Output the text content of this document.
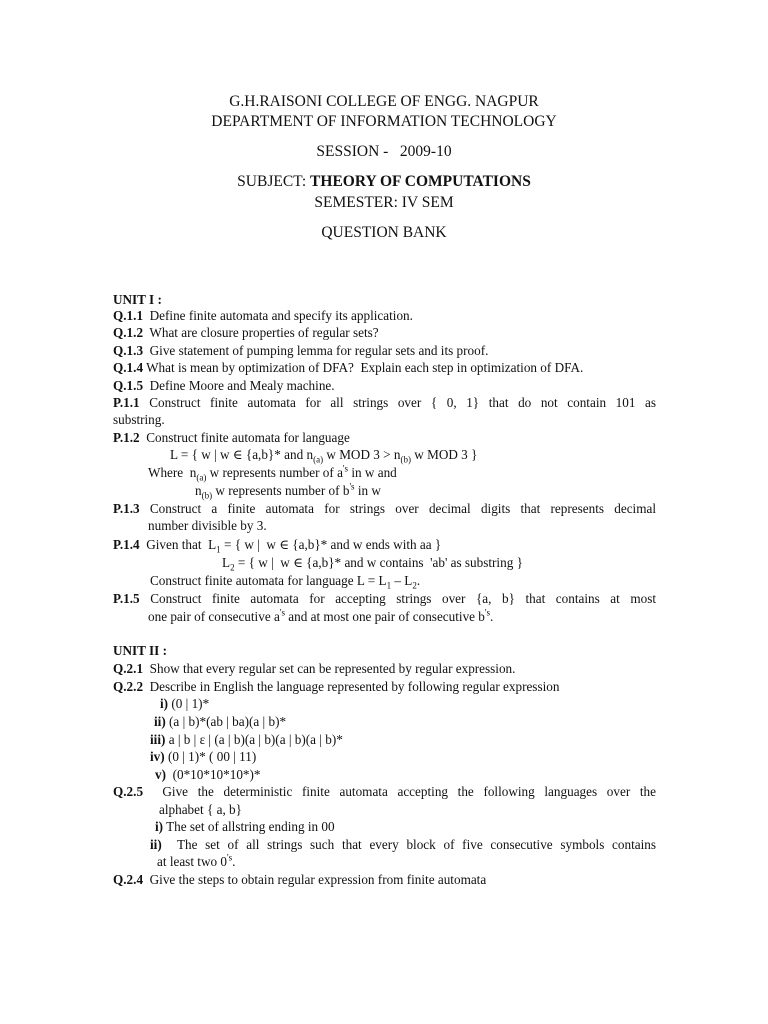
G.H.RAISONI COLLEGE OF ENGG. NAGPUR
DEPARTMENT OF INFORMATION TECHNOLOGY
SESSION -   2009-10
SUBJECT: THEORY OF COMPUTATIONS
SEMESTER: IV SEM
QUESTION BANK
UNIT I :
Q.1.1 Define finite automata and specify its application.
Q.1.2 What are closure properties of regular sets?
Q.1.3 Give statement of pumping lemma for regular sets and its proof.
Q.1.4 What is mean by optimization of DFA?  Explain each step in optimization of DFA.
Q.1.5 Define Moore and Mealy machine.
P.1.1 Construct finite automata for all strings over { 0, 1} that do not contain 101 as
substring.
P.1.2 Construct finite automata for language
L = { w | w ∈ {a,b}* and $n_{(a)}$ w MOD $3 > n_{(b)}$ w MOD 3 }
Where  $n_{(a)}$ w represents number of $a^{'s}$ in w and
$n_{(b)}$ w represents number of $b^{'s}$ in w
P.1.3 Construct a finite automata for strings over decimal digits that represents decimal
number divisible by 3.
P.1.4 Given that  $L_1$ = { w |  w ∈ {a,b}* and w ends with aa }
$L_2$ = { w |  w ∈ {a,b}* and w contains  'ab' as substring }
Construct finite automata for language $L = L_1 - L_2$.
P.1.5 Construct finite automata for accepting strings over {a, b} that contains at most
one pair of consecutive $a^{'s}$ and at most one pair of consecutive $b^{'s}$.
UNIT II :
Q.2.1 Show that every regular set can be represented by regular expression.
Q.2.2 Describe in English the language represented by following regular expression
i) (0 | 1)*
ii) (a | b)*(ab | ba)(a | b)*
iii) a | b | ε | (a | b)(a | b)(a | b)(a | b)*
iv) (0 | 1)* ( 00 | 11)
v) (0*10*10*10*)*
Q.2.5 Give the deterministic finite automata accepting the following languages over the
alphabet { a, b}
i) The set of allstring ending in 00
ii) The set of all strings such that every block of five consecutive symbols contains
at least two $0^{'s}$.
Q.2.4 Give the steps to obtain regular expression from finite automata
